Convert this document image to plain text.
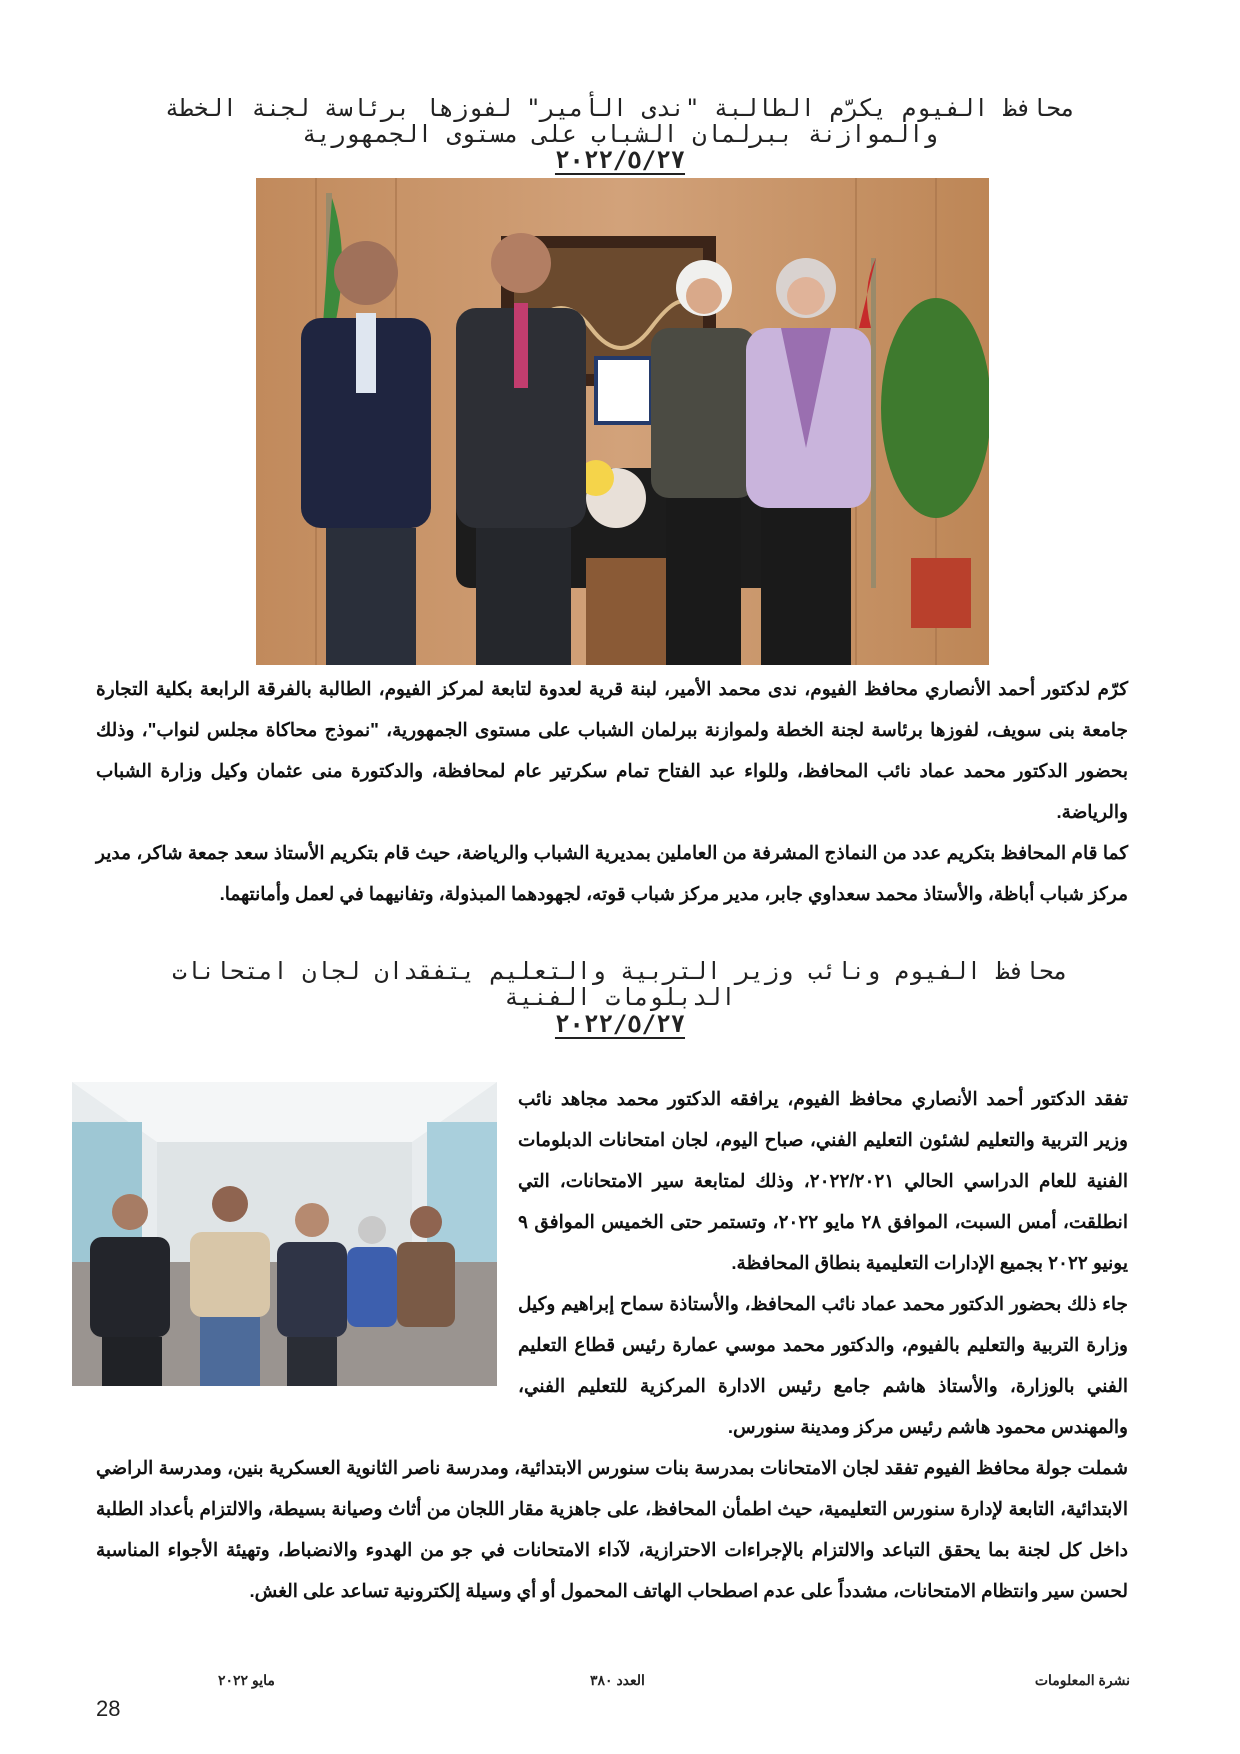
محافظ الفيوم يكرّم الطالبة "ندى الأمير" لفوزها برئاسة لجنة الخطة
والموازنة ببرلمان الشباب على مستوى الجمهورية
٢٠٢٢/٥/٢٧

كرّم لدكتور أحمد الأنصاري محافظ الفيوم، ندى محمد الأمير، لبنة قرية لعدوة لتابعة لمركز الفيوم، الطالبة بالفرقة الرابعة بكلية التجارة جامعة بنى سويف، لفوزها برئاسة لجنة الخطة ولموازنة ببرلمان الشباب على مستوى الجمهورية، "نموذج محاكاة مجلس لنواب"، وذلك بحضور الدكتور محمد عماد نائب المحافظ، وللواء عبد الفتاح تمام سكرتير عام لمحافظة، والدكتورة منى عثمان وكيل وزارة الشباب والرياضة.

كما قام المحافظ بتكريم عدد من النماذج المشرفة من العاملين بمديرية الشباب والرياضة، حيث قام بتكريم الأستاذ سعد جمعة شاكر، مدير مركز شباب أباظة، والأستاذ محمد سعداوي جابر، مدير مركز شباب قوته، لجهودهما المبذولة، وتفانيهما في لعمل وأمانتهما.

محافظ الفيوم ونائب وزير التربية والتعليم يتفقدان لجان امتحانات
الدبلومات الفنية
٢٠٢٢/٥/٢٧

تفقد الدكتور أحمد الأنصاري محافظ الفيوم، يرافقه الدكتور محمد مجاهد نائب وزير التربية والتعليم لشئون التعليم الفني، صباح اليوم، لجان امتحانات الدبلومات الفنية للعام الدراسي الحالي ٢٠٢٢/٢٠٢١، وذلك لمتابعة سير الامتحانات، التي انطلقت، أمس السبت، الموافق ٢٨ مايو ٢٠٢٢، وتستمر حتى الخميس الموافق ٩ يونيو ٢٠٢٢ بجميع الإدارات التعليمية بنطاق المحافظة.

جاء ذلك بحضور الدكتور محمد عماد نائب المحافظ، والأستاذة سماح إبراهيم وكيل وزارة التربية والتعليم بالفيوم، والدكتور محمد موسي عمارة رئيس قطاع التعليم الفني بالوزارة، والأستاذ هاشم جامع رئيس الادارة المركزية للتعليم الفني، والمهندس محمود هاشم رئيس مركز ومدينة سنورس.

شملت جولة محافظ الفيوم تفقد لجان الامتحانات بمدرسة بنات سنورس الابتدائية، ومدرسة ناصر الثانوية العسكرية بنين، ومدرسة الراضي الابتدائية، التابعة لإدارة سنورس التعليمية، حيث اطمأن المحافظ، على جاهزية مقار اللجان من أثاث وصيانة بسيطة، والالتزام بأعداد الطلبة داخل كل لجنة بما يحقق التباعد والالتزام بالإجراءات الاحترازية، لآداء الامتحانات في جو من الهدوء والانضباط، وتهيئة الأجواء المناسبة لحسن سير وانتظام الامتحانات، مشدداً على عدم اصطحاب الهاتف المحمول أو أي وسيلة إلكترونية تساعد على الغش.

نشرة المعلومات
العدد ٣٨٠
مايو ٢٠٢٢
28
